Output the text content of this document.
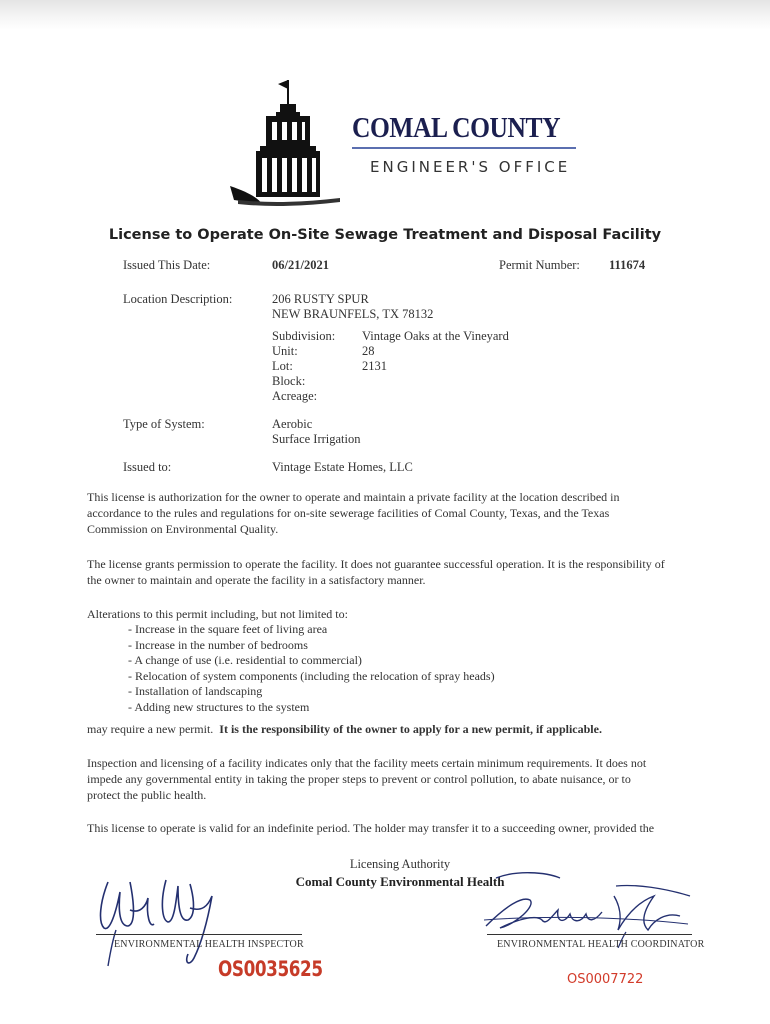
COMAL COUNTY
ENGINEER'S OFFICE
License to Operate On-Site Sewage Treatment and Disposal Facility
Issued This Date:	06/21/2021	Permit Number: 111674
Location Description:	206 RUSTY SPUR
NEW BRAUNFELS, TX 78132
Subdivision: Vintage Oaks at the Vineyard
Unit:	28
Lot:	2131
Block:
Acreage:
Type of System:	Aerobic
Surface Irrigation
Issued to:	Vintage Estate Homes, LLC
This license is authorization for the owner to operate and maintain a private facility at the location described in accordance to the rules and regulations for on-site sewerage facilities of Comal County, Texas, and the Texas Commission on Environmental Quality.
The license grants permission to operate the facility. It does not guarantee successful operation. It is the responsibility of the owner to maintain and operate the facility in a satisfactory manner.
Alterations to this permit including, but not limited to:
- Increase in the square feet of living area
- Increase in the number of bedrooms
- A change of use (i.e. residential to commercial)
- Relocation of system components (including the relocation of spray heads)
- Installation of landscaping
- Adding new structures to the system
may require a new permit. It is the responsibility of the owner to apply for a new permit, if applicable.
Inspection and licensing of a facility indicates only that the facility meets certain minimum requirements. It does not impede any governmental entity in taking the proper steps to prevent or control pollution, to abate nuisance, or to protect the public health.
This license to operate is valid for an indefinite period. The holder may transfer it to a succeeding owner, provided the
Licensing Authority
Comal County Environmental Health
ENVIRONMENTAL HEALTH INSPECTOR
OS0035625
ENVIRONMENTAL HEALTH COORDINATOR
OS0007722
